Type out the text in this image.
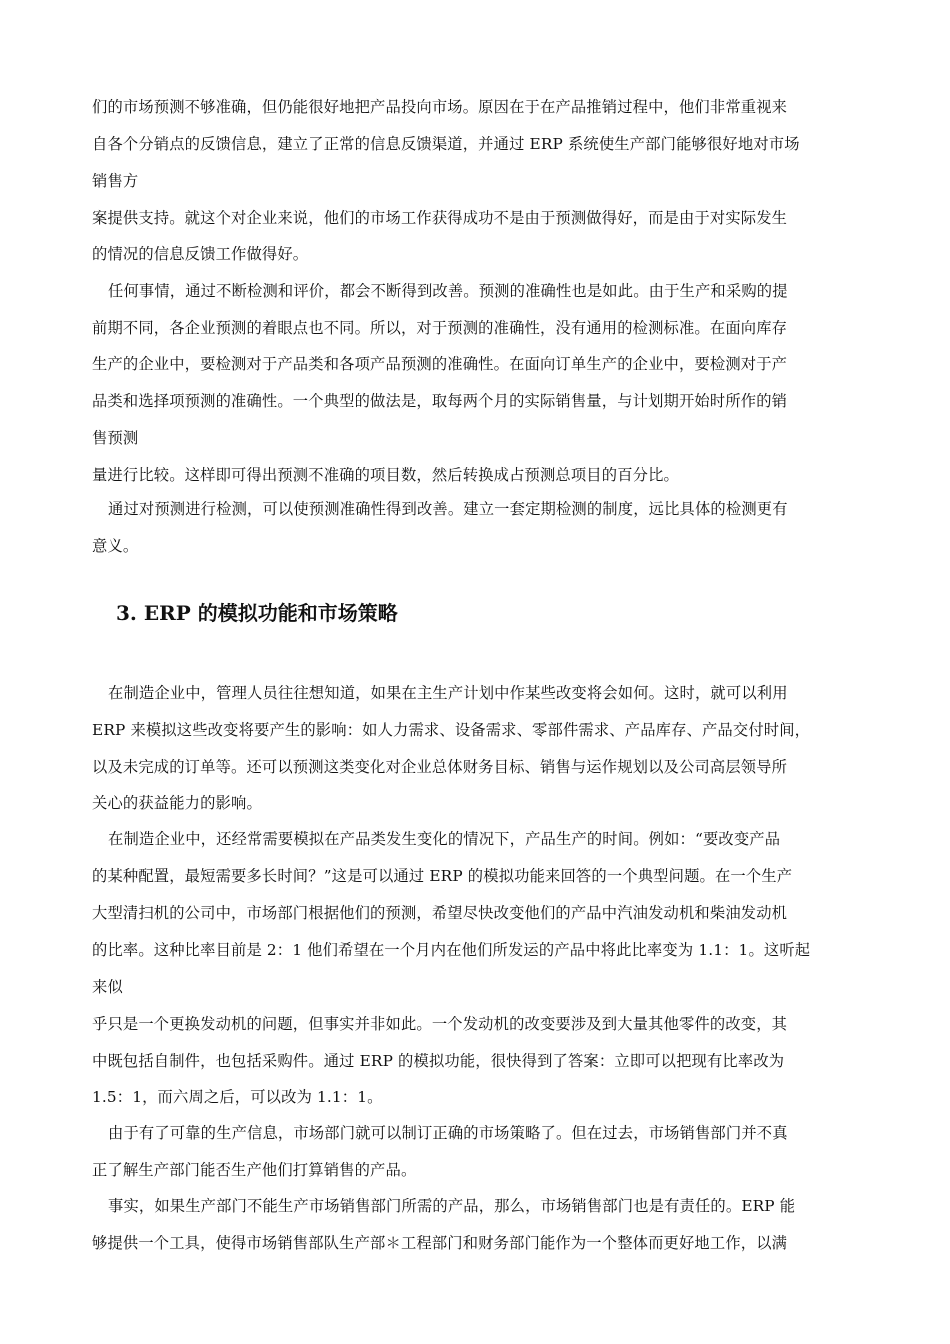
们的市场预测不够准确，但仍能很好地把产品投向市场。原因在于在产品推销过程中，他们非常重视来
自各个分销点的反馈信息，建立了正常的信息反馈渠道，并通过 ERP 系统使生产部门能够很好地对市场
销售方
案提供支持。就这个对企业来说，他们的市场工作获得成功不是由于预测做得好，而是由于对实际发生
的情况的信息反馈工作做得好。
任何事情，通过不断检测和评价，都会不断得到改善。预测的准确性也是如此。由于生产和采购的提
前期不同，各企业预测的着眼点也不同。所以，对于预测的准确性，没有通用的检测标准。在面向库存
生产的企业中，要检测对于产品类和各项产品预测的准确性。在面向订单生产的企业中，要检测对于产
品类和选择项预测的准确性。一个典型的做法是，取每两个月的实际销售量，与计划期开始时所作的销
售预测
量进行比较。这样即可得出预测不准确的项目数，然后转换成占预测总项目的百分比。
通过对预测进行检测，可以使预测准确性得到改善。建立一套定期检测的制度，远比具体的检测更有
意义。
3. ERP 的模拟功能和市场策略
在制造企业中，管理人员往往想知道，如果在主生产计划中作某些改变将会如何。这时，就可以利用
ERP 来模拟这些改变将要产生的影响：如人力需求、设备需求、零部件需求、产品库存、产品交付时间，
以及未完成的订单等。还可以预测这类变化对企业总体财务目标、销售与运作规划以及公司高层领导所
关心的获益能力的影响。
在制造企业中，还经常需要模拟在产品类发生变化的情况下，产品生产的时间。例如：“要改变产品
的某种配置，最短需要多长时间？”这是可以通过 ERP 的模拟功能来回答的一个典型问题。在一个生产
大型清扫机的公司中，市场部门根据他们的预测，希望尽快改变他们的产品中汽油发动机和柴油发动机
的比率。这种比率目前是 2：1 他们希望在一个月内在他们所发运的产品中将此比率变为 1.1：1。这听起
来似
乎只是一个更换发动机的问题，但事实并非如此。一个发动机的改变要涉及到大量其他零件的改变，其
中既包括自制件，也包括采购件。通过 ERP 的模拟功能，很快得到了答案：立即可以把现有比率改为
1.5：1，而六周之后，可以改为 1.1：1。
由于有了可靠的生产信息，市场部门就可以制订正确的市场策略了。但在过去，市场销售部门并不真
正了解生产部门能否生产他们打算销售的产品。
事实，如果生产部门不能生产市场销售部门所需的产品，那么，市场销售部门也是有责任的。ERP 能
够提供一个工具，使得市场销售部队生产部＊工程部门和财务部门能作为一个整体而更好地工作，以满
